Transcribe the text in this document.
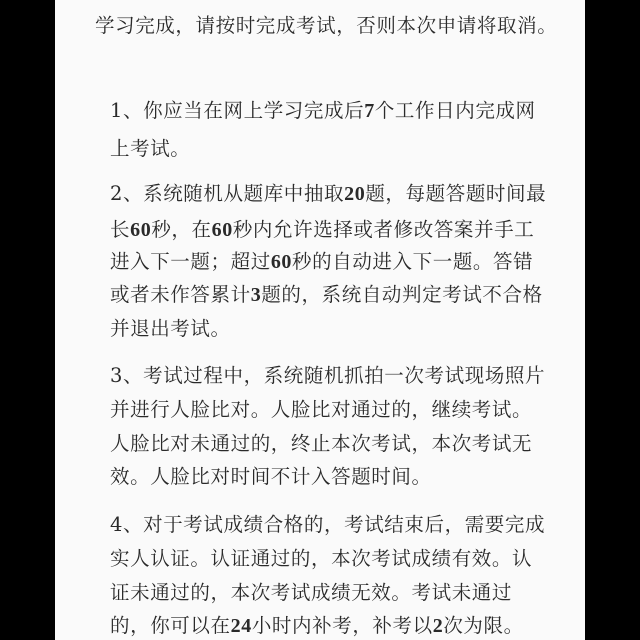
学习完成，请按时完成考试，否则本次申请将取消。
1、你应当在网上学习完成后7个工作日内完成网
上考试。
2、系统随机从题库中抽取20题，每题答题时间最
长60秒，在60秒内允许选择或者修改答案并手工
进入下一题；超过60秒的自动进入下一题。答错
或者未作答累计3题的，系统自动判定考试不合格
并退出考试。
3、考试过程中，系统随机抓拍一次考试现场照片
并进行人脸比对。人脸比对通过的，继续考试。
人脸比对未通过的，终止本次考试，本次考试无
效。人脸比对时间不计入答题时间。
4、对于考试成绩合格的，考试结束后，需要完成
实人认证。认证通过的，本次考试成绩有效。认
证未通过的，本次考试成绩无效。考试未通过
的，你可以在24小时内补考，补考以2次为限。
